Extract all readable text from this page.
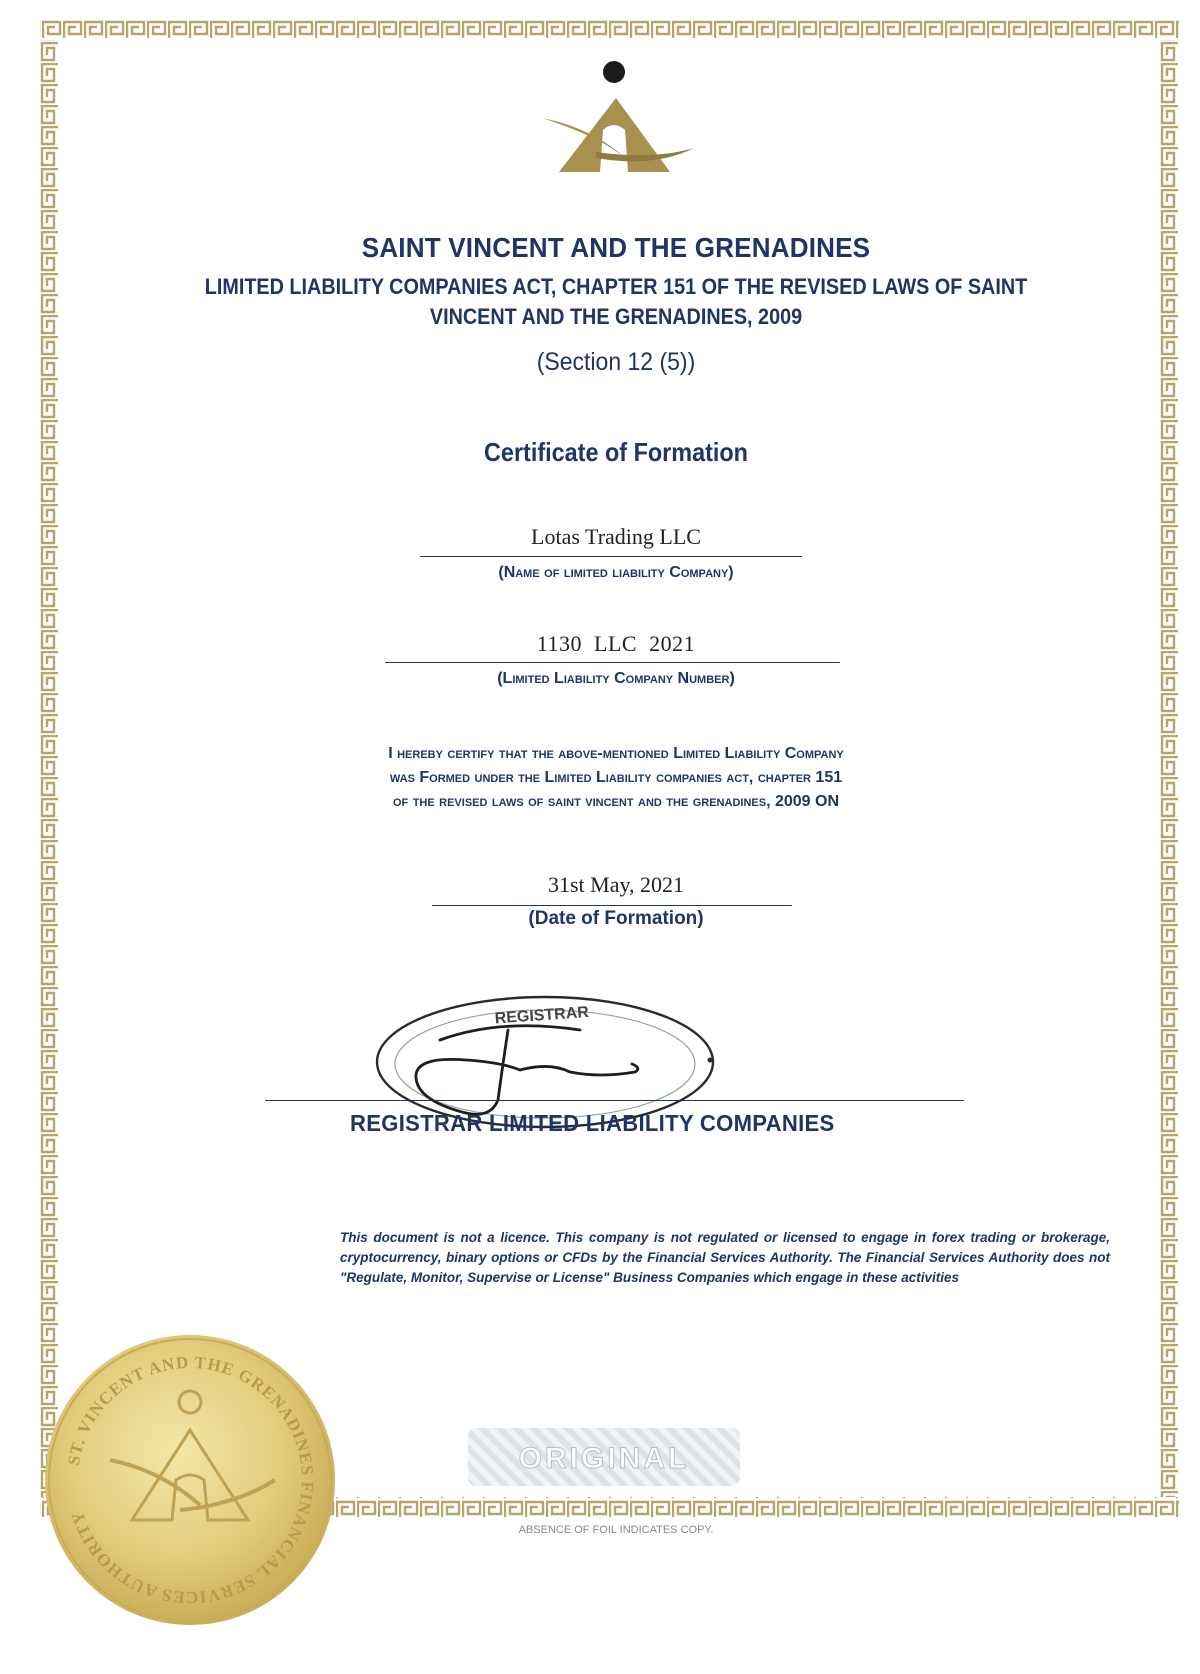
SAINT VINCENT AND THE GRENADINES
LIMITED LIABILITY COMPANIES ACT, CHAPTER 151 OF THE REVISED LAWS OF SAINT
VINCENT AND THE GRENADINES, 2009
(Section 12 (5))
Certificate of Formation
Lotas Trading LLC
(Name of limited liability Company)
1130  LLC  2021
(Limited Liability Company Number)
I hereby certify that the above-mentioned Limited Liability Company
was Formed under the Limited Liability companies act, chapter 151
of the revised laws of saint vincent and the grenadines, 2009 ON
31st May, 2021
(Date of Formation)
REGISTRAR
REGISTRAR LIMITED LIABILITY COMPANIES
This document is not a licence. This company is not regulated or licensed to engage in forex trading or brokerage, cryptocurrency, binary options or CFDs by the Financial Services Authority. The Financial Services Authority does not "Regulate, Monitor, Supervise or License" Business Companies which engage in these activities
ST. VINCENT AND THE GRENADINES FINANCIAL SERVICES AUTHORITY
ORIGINAL
ABSENCE OF FOIL INDICATES COPY.
